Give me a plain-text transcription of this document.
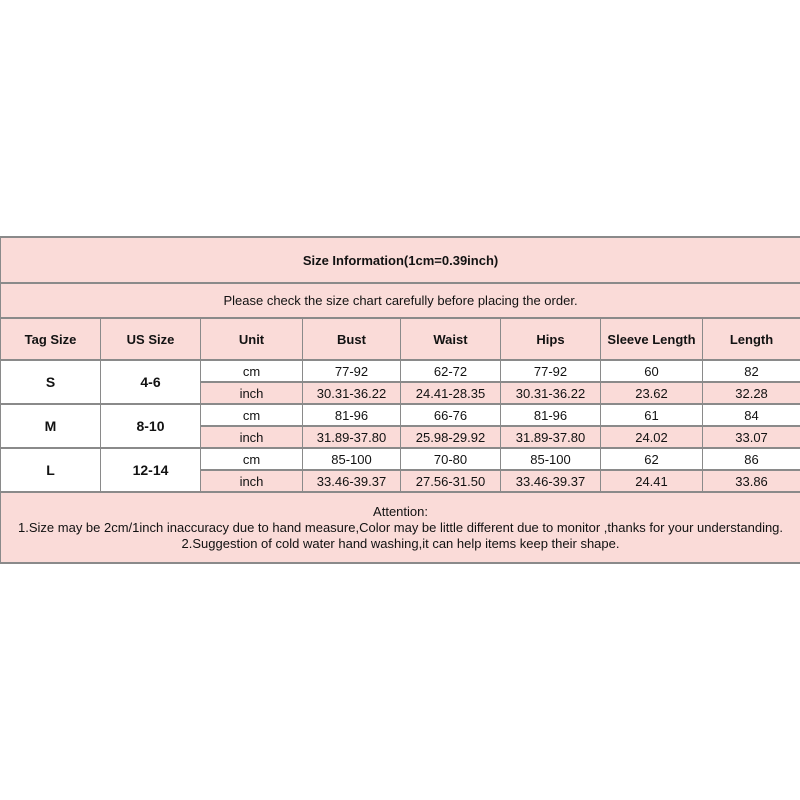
Size Information(1cm=0.39inch)							
Please check the size chart carefully before placing the order.							
Tag Size	US Size	Unit	Bust	Waist	Hips	Sleeve Length	Length
S	4-6	cm	77-92	62-72	77-92	60	82
		inch	30.31-36.22	24.41-28.35	30.31-36.22	23.62	32.28
M	8-10	cm	81-96	66-76	81-96	61	84
		inch	31.89-37.80	25.98-29.92	31.89-37.80	24.02	33.07
L	12-14	cm	85-100	70-80	85-100	62	86
		inch	33.46-39.37	27.56-31.50	33.46-39.37	24.41	33.86

Attention:
1.Size may be 2cm/1inch inaccuracy due to hand measure,Color may be little different due to monitor ,thanks for your understanding.
2.Suggestion of cold water hand washing,it can help items keep their shape.							
